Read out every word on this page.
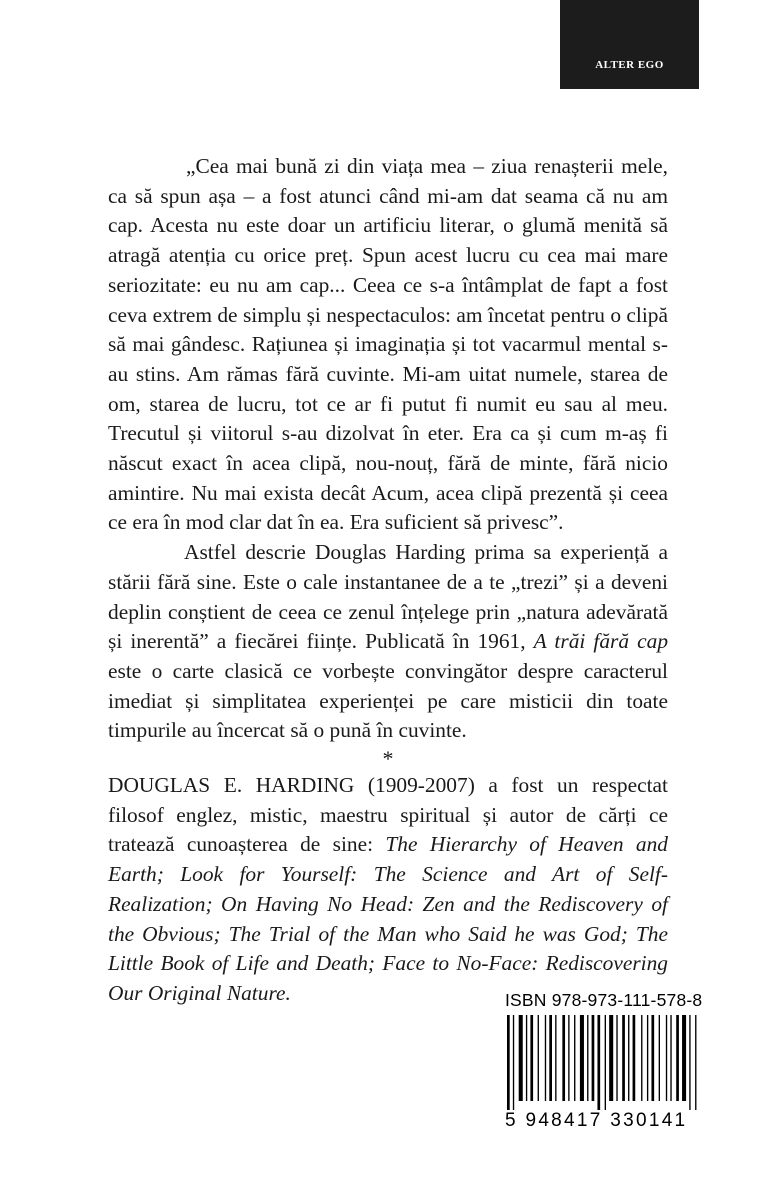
ALTER EGO

„Cea mai bună zi din viața mea – ziua renașterii mele, ca să spun așa – a fost atunci când mi-am dat seama că nu am cap. Acesta nu este doar un artificiu literar, o glumă menită să atragă atenția cu orice preț. Spun acest lucru cu cea mai mare seriozitate: eu nu am cap... Ceea ce s-a întâmplat de fapt a fost ceva extrem de simplu și nespectaculos: am încetat pentru o clipă să mai gândesc. Rațiunea și imaginația și tot vacarmul mental s-au stins. Am rămas fără cuvinte. Mi-am uitat numele, starea de om, starea de lucru, tot ce ar fi putut fi numit eu sau al meu. Trecutul și viitorul s-au dizolvat în eter. Era ca și cum m-aș fi născut exact în acea clipă, nou-nouț, fără de minte, fără nicio amintire. Nu mai exista decât Acum, acea clipă prezentă și ceea ce era în mod clar dat în ea. Era suficient să privesc”.

Astfel descrie Douglas Harding prima sa experiență a stării fără sine. Este o cale instantanee de a te „trezi” și a deveni deplin conștient de ceea ce zenul înțelege prin „natura adevărată și inerentă” a fiecărei ființe. Publicată în 1961, A trăi fără cap este o carte clasică ce vorbește convingător despre caracterul imediat și simplitatea experienței pe care misticii din toate timpurile au încercat să o pună în cuvinte.

*

DOUGLAS E. HARDING (1909-2007) a fost un respectat filosof englez, mistic, maestru spiritual și autor de cărți ce tratează cunoașterea de sine: The Hierarchy of Heaven and Earth; Look for Yourself: The Science and Art of Self-Realization; On Having No Head: Zen and the Rediscovery of the Obvious; The Trial of the Man who Said he was God; The Little Book of Life and Death; Face to No-Face: Rediscovering Our Original Nature.	ISBN 978-973-111-578-8
5 948417 330141
